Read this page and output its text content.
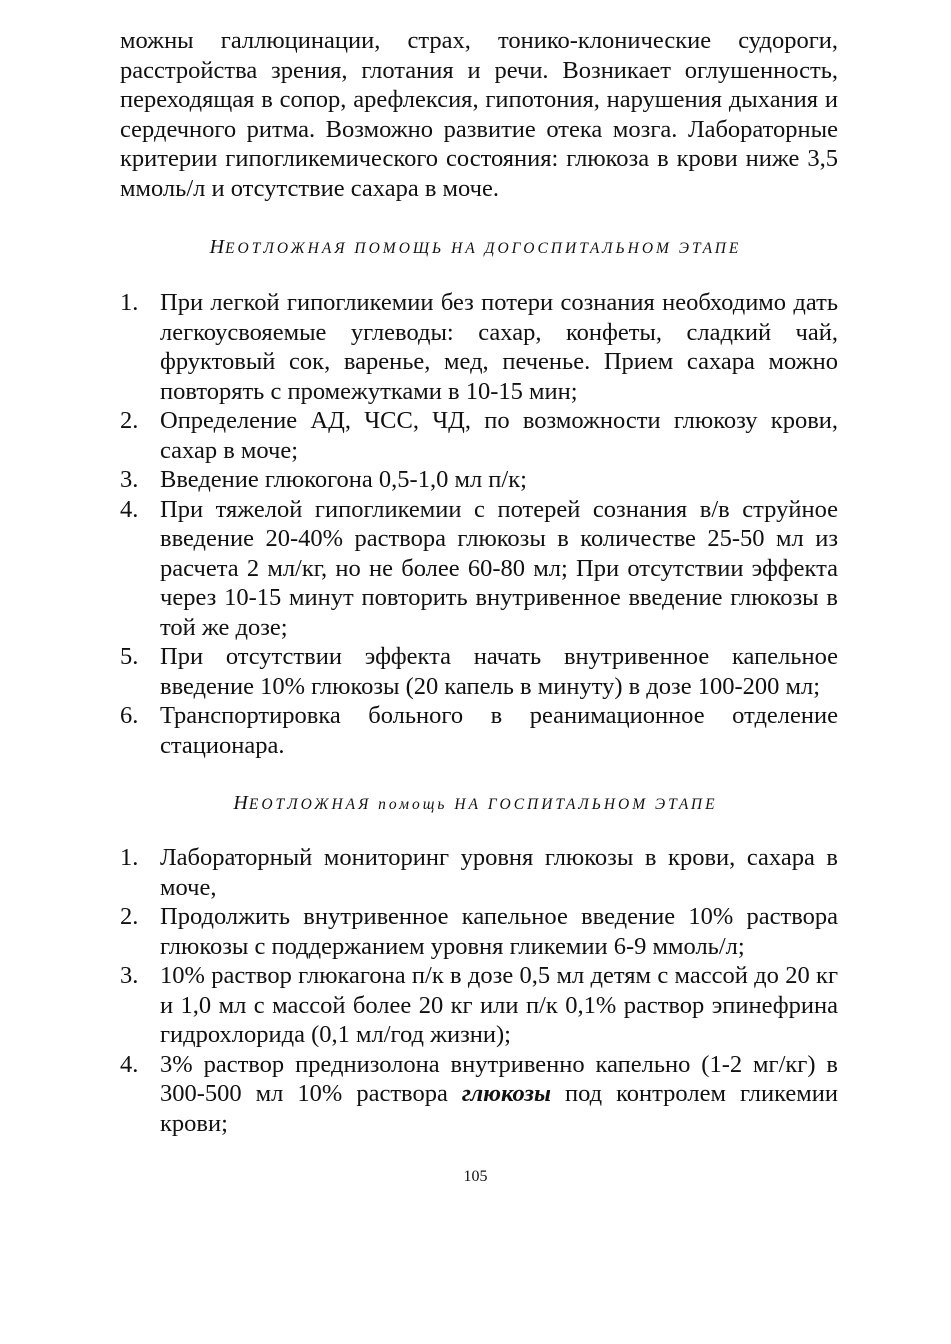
можны галлюцинации, страх, тонико-клонические судороги, расстройства зрения, глотания и речи. Возникает оглушенность, переходящая в сопор, арефлексия, гипотония, нарушения дыхания и сердечного ритма. Возможно развитие отека мозга. Лабораторные критерии гипогликемического состояния: глюкоза в крови ниже 3,5 ммоль/л и отсутствие сахара в моче.

НЕОТЛОЖНАЯ ПОМОЩЬ НА ДОГОСПИТАЛЬНОМ ЭТАПЕ

1. При легкой гипогликемии без потери сознания необходимо дать легкоусвояемые углеводы: сахар, конфеты, сладкий чай, фруктовый сок, варенье, мед, печенье. Прием сахара можно повторять с промежутками в 10-15 мин;
2. Определение АД, ЧСС, ЧД, по возможности глюкозу крови, сахар в моче;
3. Введение глюкогона 0,5-1,0 мл п/к;
4. При тяжелой гипогликемии с потерей сознания в/в струйное введение 20-40% раствора глюкозы в количестве 25-50 мл из расчета 2 мл/кг, но не более 60-80 мл; При отсутствии эффекта через 10-15 минут повторить внутривенное введение глюкозы в той же дозе;
5. При отсутствии эффекта начать внутривенное капельное введение 10% глюкозы (20 капель в минуту) в дозе 100-200 мл;
6. Транспортировка больного в реанимационное отделение стационара.

НЕОТЛОЖНАЯ помощь НА ГОСПИТАЛЬНОМ ЭТАПЕ

1. Лабораторный мониторинг уровня глюкозы в крови, сахара в моче,
2. Продолжить внутривенное капельное введение 10% раствора глюкозы с поддержанием уровня гликемии 6-9 ммоль/л;
3. 10% раствор глюкагона п/к в дозе 0,5 мл детям с массой до 20 кг и 1,0 мл с массой более 20 кг или п/к 0,1% раствор эпинефрина гидрохлорида (0,1 мл/год жизни);
4. 3% раствор преднизолона внутривенно капельно (1-2 мг/кг) в 300-500 мл 10% раствора глюкозы под контролем гликемии крови;
105
